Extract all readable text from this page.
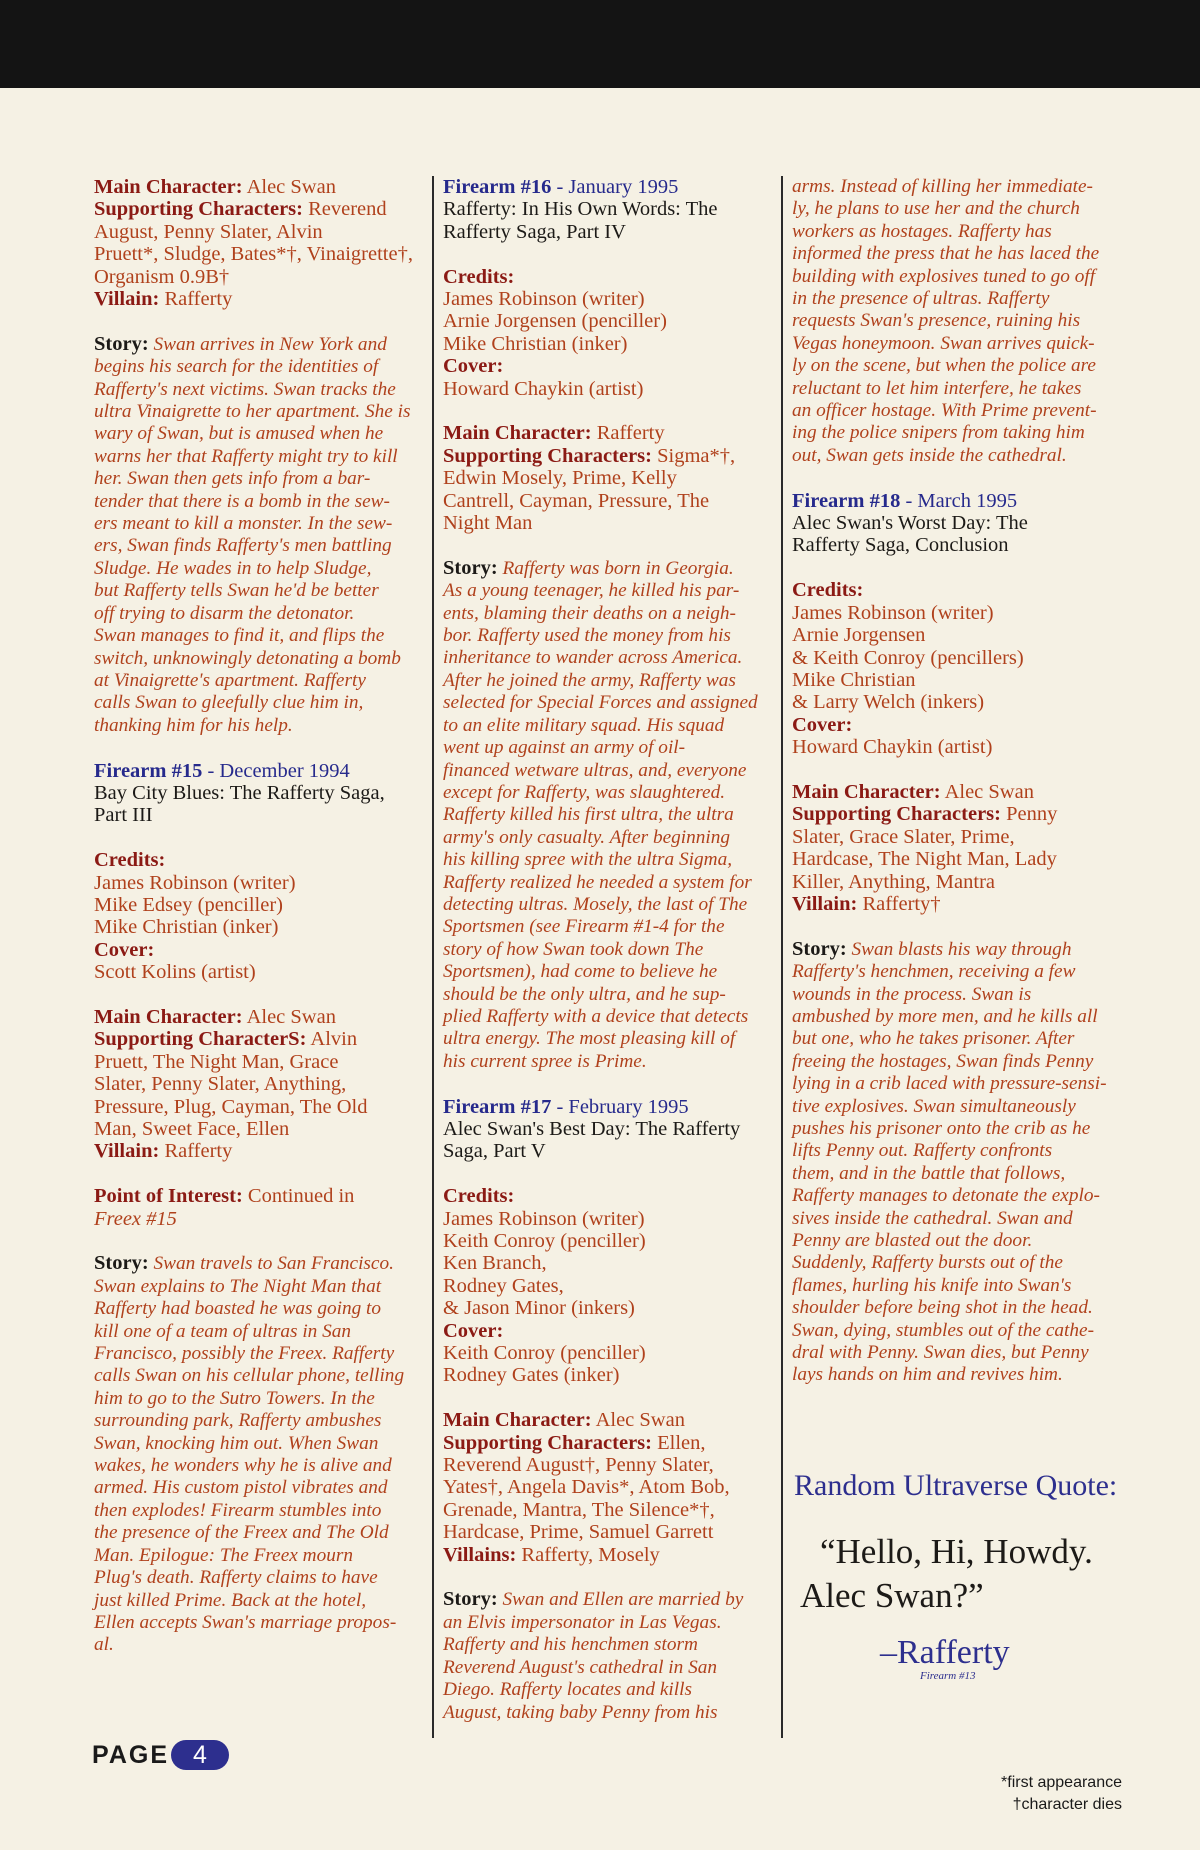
Main Character: Alec Swan
Supporting Characters: Reverend
August, Penny Slater, Alvin
Pruett*, Sludge, Bates*†, Vinaigrette†,
Organism 0.9B†
Villain: Rafferty
Story: Swan arrives in New York and
begins his search for the identities of
Rafferty's next victims. Swan tracks the
ultra Vinaigrette to her apartment. She is
wary of Swan, but is amused when he
warns her that Rafferty might try to kill
her. Swan then gets info from a bar-
tender that there is a bomb in the sew-
ers meant to kill a monster. In the sew-
ers, Swan finds Rafferty's men battling
Sludge. He wades in to help Sludge,
but Rafferty tells Swan he'd be better
off trying to disarm the detonator.
Swan manages to find it, and flips the
switch, unknowingly detonating a bomb
at Vinaigrette's apartment. Rafferty
calls Swan to gleefully clue him in,
thanking him for his help.
Firearm #15 - December 1994
Bay City Blues: The Rafferty Saga,
Part III
Credits:
James Robinson (writer)
Mike Edsey (penciller)
Mike Christian (inker)
Cover:
Scott Kolins (artist)
Main Character: Alec Swan
Supporting CharacterS: Alvin
Pruett, The Night Man, Grace
Slater, Penny Slater, Anything,
Pressure, Plug, Cayman, The Old
Man, Sweet Face, Ellen
Villain: Rafferty
Point of Interest: Continued in
Freex #15
Story: Swan travels to San Francisco.
Swan explains to The Night Man that
Rafferty had boasted he was going to
kill one of a team of ultras in San
Francisco, possibly the Freex. Rafferty
calls Swan on his cellular phone, telling
him to go to the Sutro Towers. In the
surrounding park, Rafferty ambushes
Swan, knocking him out. When Swan
wakes, he wonders why he is alive and
armed. His custom pistol vibrates and
then explodes! Firearm stumbles into
the presence of the Freex and The Old
Man. Epilogue: The Freex mourn
Plug's death. Rafferty claims to have
just killed Prime. Back at the hotel,
Ellen accepts Swan's marriage propos-
al.
Firearm #16 - January 1995
Rafferty: In His Own Words: The
Rafferty Saga, Part IV
Credits:
James Robinson (writer)
Arnie Jorgensen (penciller)
Mike Christian (inker)
Cover:
Howard Chaykin (artist)
Main Character: Rafferty
Supporting Characters: Sigma*†,
Edwin Mosely, Prime, Kelly
Cantrell, Cayman, Pressure, The
Night Man
Story: Rafferty was born in Georgia.
As a young teenager, he killed his par-
ents, blaming their deaths on a neigh-
bor. Rafferty used the money from his
inheritance to wander across America.
After he joined the army, Rafferty was
selected for Special Forces and assigned
to an elite military squad. His squad
went up against an army of oil-
financed wetware ultras, and, everyone
except for Rafferty, was slaughtered.
Rafferty killed his first ultra, the ultra
army's only casualty. After beginning
his killing spree with the ultra Sigma,
Rafferty realized he needed a system for
detecting ultras. Mosely, the last of The
Sportsmen (see Firearm #1-4 for the
story of how Swan took down The
Sportsmen), had come to believe he
should be the only ultra, and he sup-
plied Rafferty with a device that detects
ultra energy. The most pleasing kill of
his current spree is Prime.
Firearm #17 - February 1995
Alec Swan's Best Day: The Rafferty
Saga, Part V
Credits:
James Robinson (writer)
Keith Conroy (penciller)
Ken Branch,
Rodney Gates,
& Jason Minor (inkers)
Cover:
Keith Conroy (penciller)
Rodney Gates (inker)
Main Character: Alec Swan
Supporting Characters: Ellen,
Reverend August†, Penny Slater,
Yates†, Angela Davis*, Atom Bob,
Grenade, Mantra, The Silence*†,
Hardcase, Prime, Samuel Garrett
Villains: Rafferty, Mosely
Story: Swan and Ellen are married by
an Elvis impersonator in Las Vegas.
Rafferty and his henchmen storm
Reverend August's cathedral in San
Diego. Rafferty locates and kills
August, taking baby Penny from his
arms. Instead of killing her immediate-
ly, he plans to use her and the church
workers as hostages. Rafferty has
informed the press that he has laced the
building with explosives tuned to go off
in the presence of ultras. Rafferty
requests Swan's presence, ruining his
Vegas honeymoon. Swan arrives quick-
ly on the scene, but when the police are
reluctant to let him interfere, he takes
an officer hostage. With Prime prevent-
ing the police snipers from taking him
out, Swan gets inside the cathedral.
Firearm #18 - March 1995
Alec Swan's Worst Day: The
Rafferty Saga, Conclusion
Credits:
James Robinson (writer)
Arnie Jorgensen
& Keith Conroy (pencillers)
Mike Christian
& Larry Welch (inkers)
Cover:
Howard Chaykin (artist)
Main Character: Alec Swan
Supporting Characters: Penny
Slater, Grace Slater, Prime,
Hardcase, The Night Man, Lady
Killer, Anything, Mantra
Villain: Rafferty†
Story: Swan blasts his way through
Rafferty's henchmen, receiving a few
wounds in the process. Swan is
ambushed by more men, and he kills all
but one, who he takes prisoner. After
freeing the hostages, Swan finds Penny
lying in a crib laced with pressure-sensi-
tive explosives. Swan simultaneously
pushes his prisoner onto the crib as he
lifts Penny out. Rafferty confronts
them, and in the battle that follows,
Rafferty manages to detonate the explo-
sives inside the cathedral. Swan and
Penny are blasted out the door.
Suddenly, Rafferty bursts out of the
flames, hurling his knife into Swan's
shoulder before being shot in the head.
Swan, dying, stumbles out of the cathe-
dral with Penny. Swan dies, but Penny
lays hands on him and revives him.
Random Ultraverse Quote:
“Hello, Hi, Howdy.
Alec Swan?”
–Rafferty
Firearm #13
PAGE 4
*first appearance
†character dies
